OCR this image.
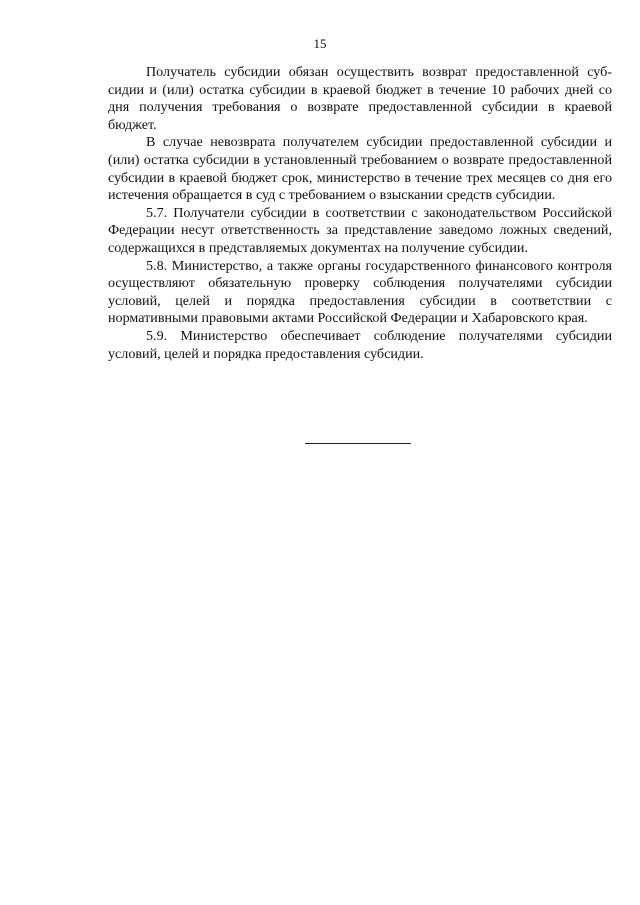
15

Получатель субсидии обязан осуществить возврат предоставленной субсидии и (или) остатка субсидии в краевой бюджет в течение 10 рабочих дней со дня получения требования о возврате предоставленной субсидии в краевой бюджет.

В случае невозврата получателем субсидии предоставленной субсидии и (или) остатка субсидии в установленный требованием о возврате предоставленной субсидии в краевой бюджет срок, министерство в течение трех месяцев со дня его истечения обращается в суд с требованием о взыскании средств субсидии.

5.7. Получатели субсидии в соответствии с законодательством Российской Федерации несут ответственность за представление заведомо ложных сведений, содержащихся в представляемых документах на получение субсидии.

5.8. Министерство, а также органы государственного финансового контроля осуществляют обязательную проверку соблюдения получателями субсидии условий, целей и порядка предоставления субсидии в соответствии с нормативными правовыми актами Российской Федерации и Хабаровского края.

5.9. Министерство обеспечивает соблюдение получателями субсидии условий, целей и порядка предоставления субсидии.
